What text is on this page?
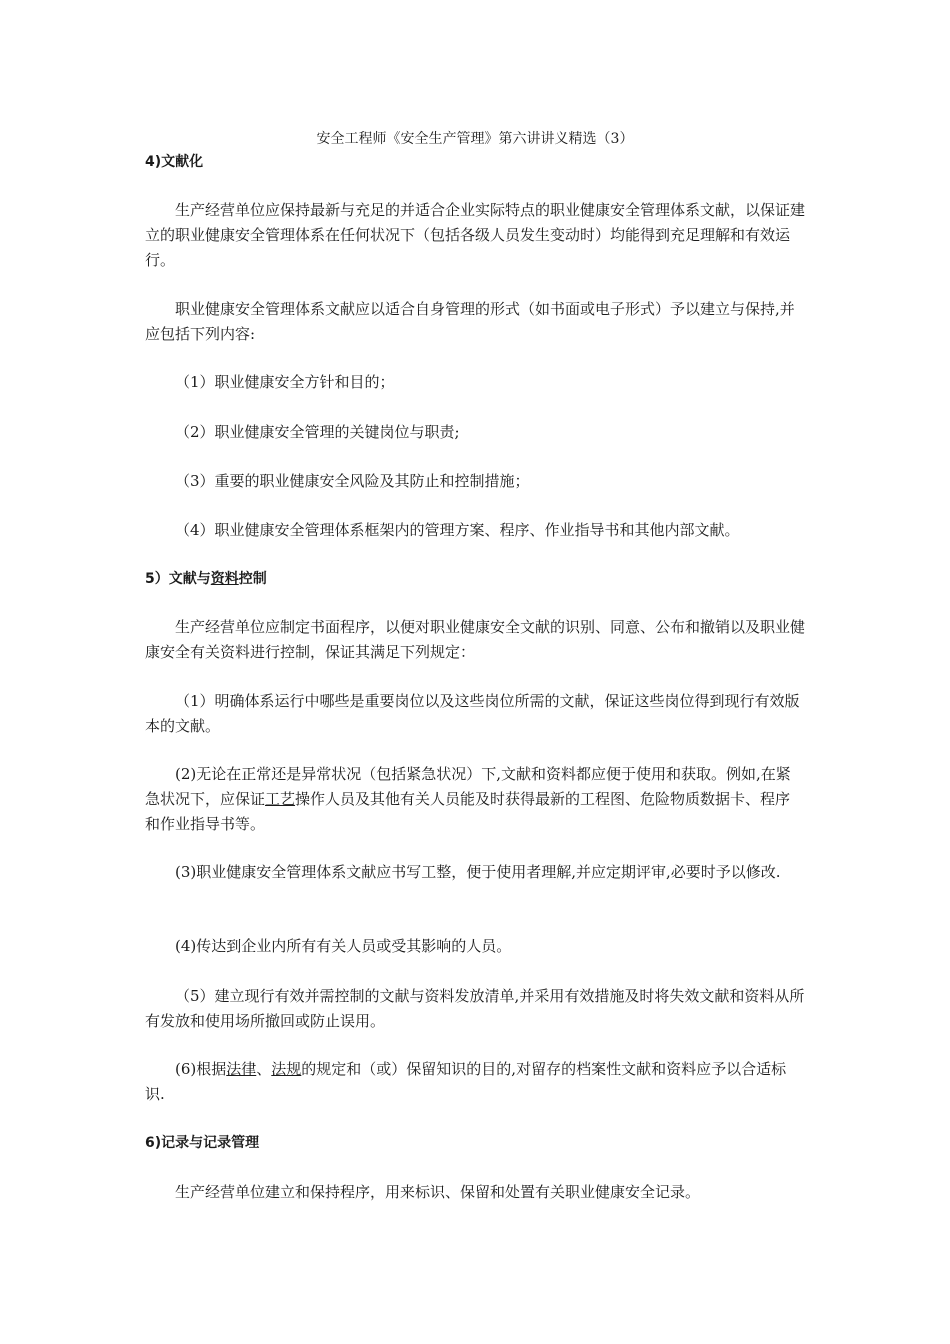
安全工程师《安全生产管理》第六讲讲义精选（3）

4)文献化

生产经营单位应保持最新与充足的并适合企业实际特点的职业健康安全管理体系文献，以保证建立的职业健康安全管理体系在任何状况下（包括各级人员发生变动时）均能得到充足理解和有效运行。

职业健康安全管理体系文献应以适合自身管理的形式（如书面或电子形式）予以建立与保持,并应包括下列内容:

（1）职业健康安全方针和目的；

（2）职业健康安全管理的关键岗位与职责;

（3）重要的职业健康安全风险及其防止和控制措施；

（4）职业健康安全管理体系框架内的管理方案、程序、作业指导书和其他内部文献。

5）文献与资料控制

生产经营单位应制定书面程序，以便对职业健康安全文献的识别、同意、公布和撤销以及职业健康安全有关资料进行控制，保证其满足下列规定：

（1）明确体系运行中哪些是重要岗位以及这些岗位所需的文献，保证这些岗位得到现行有效版本的文献。

(2)无论在正常还是异常状况（包括紧急状况）下,文献和资料都应便于使用和获取。例如,在紧急状况下，应保证工艺操作人员及其他有关人员能及时获得最新的工程图、危险物质数据卡、程序和作业指导书等。

(3)职业健康安全管理体系文献应书写工整，便于使用者理解,并应定期评审,必要时予以修改.

(4)传达到企业内所有有关人员或受其影响的人员。

（5）建立现行有效并需控制的文献与资料发放清单,并采用有效措施及时将失效文献和资料从所有发放和使用场所撤回或防止误用。

(6)根据法律、法规的规定和（或）保留知识的目的,对留存的档案性文献和资料应予以合适标识.

6)记录与记录管理

生产经营单位建立和保持程序，用来标识、保留和处置有关职业健康安全记录。
